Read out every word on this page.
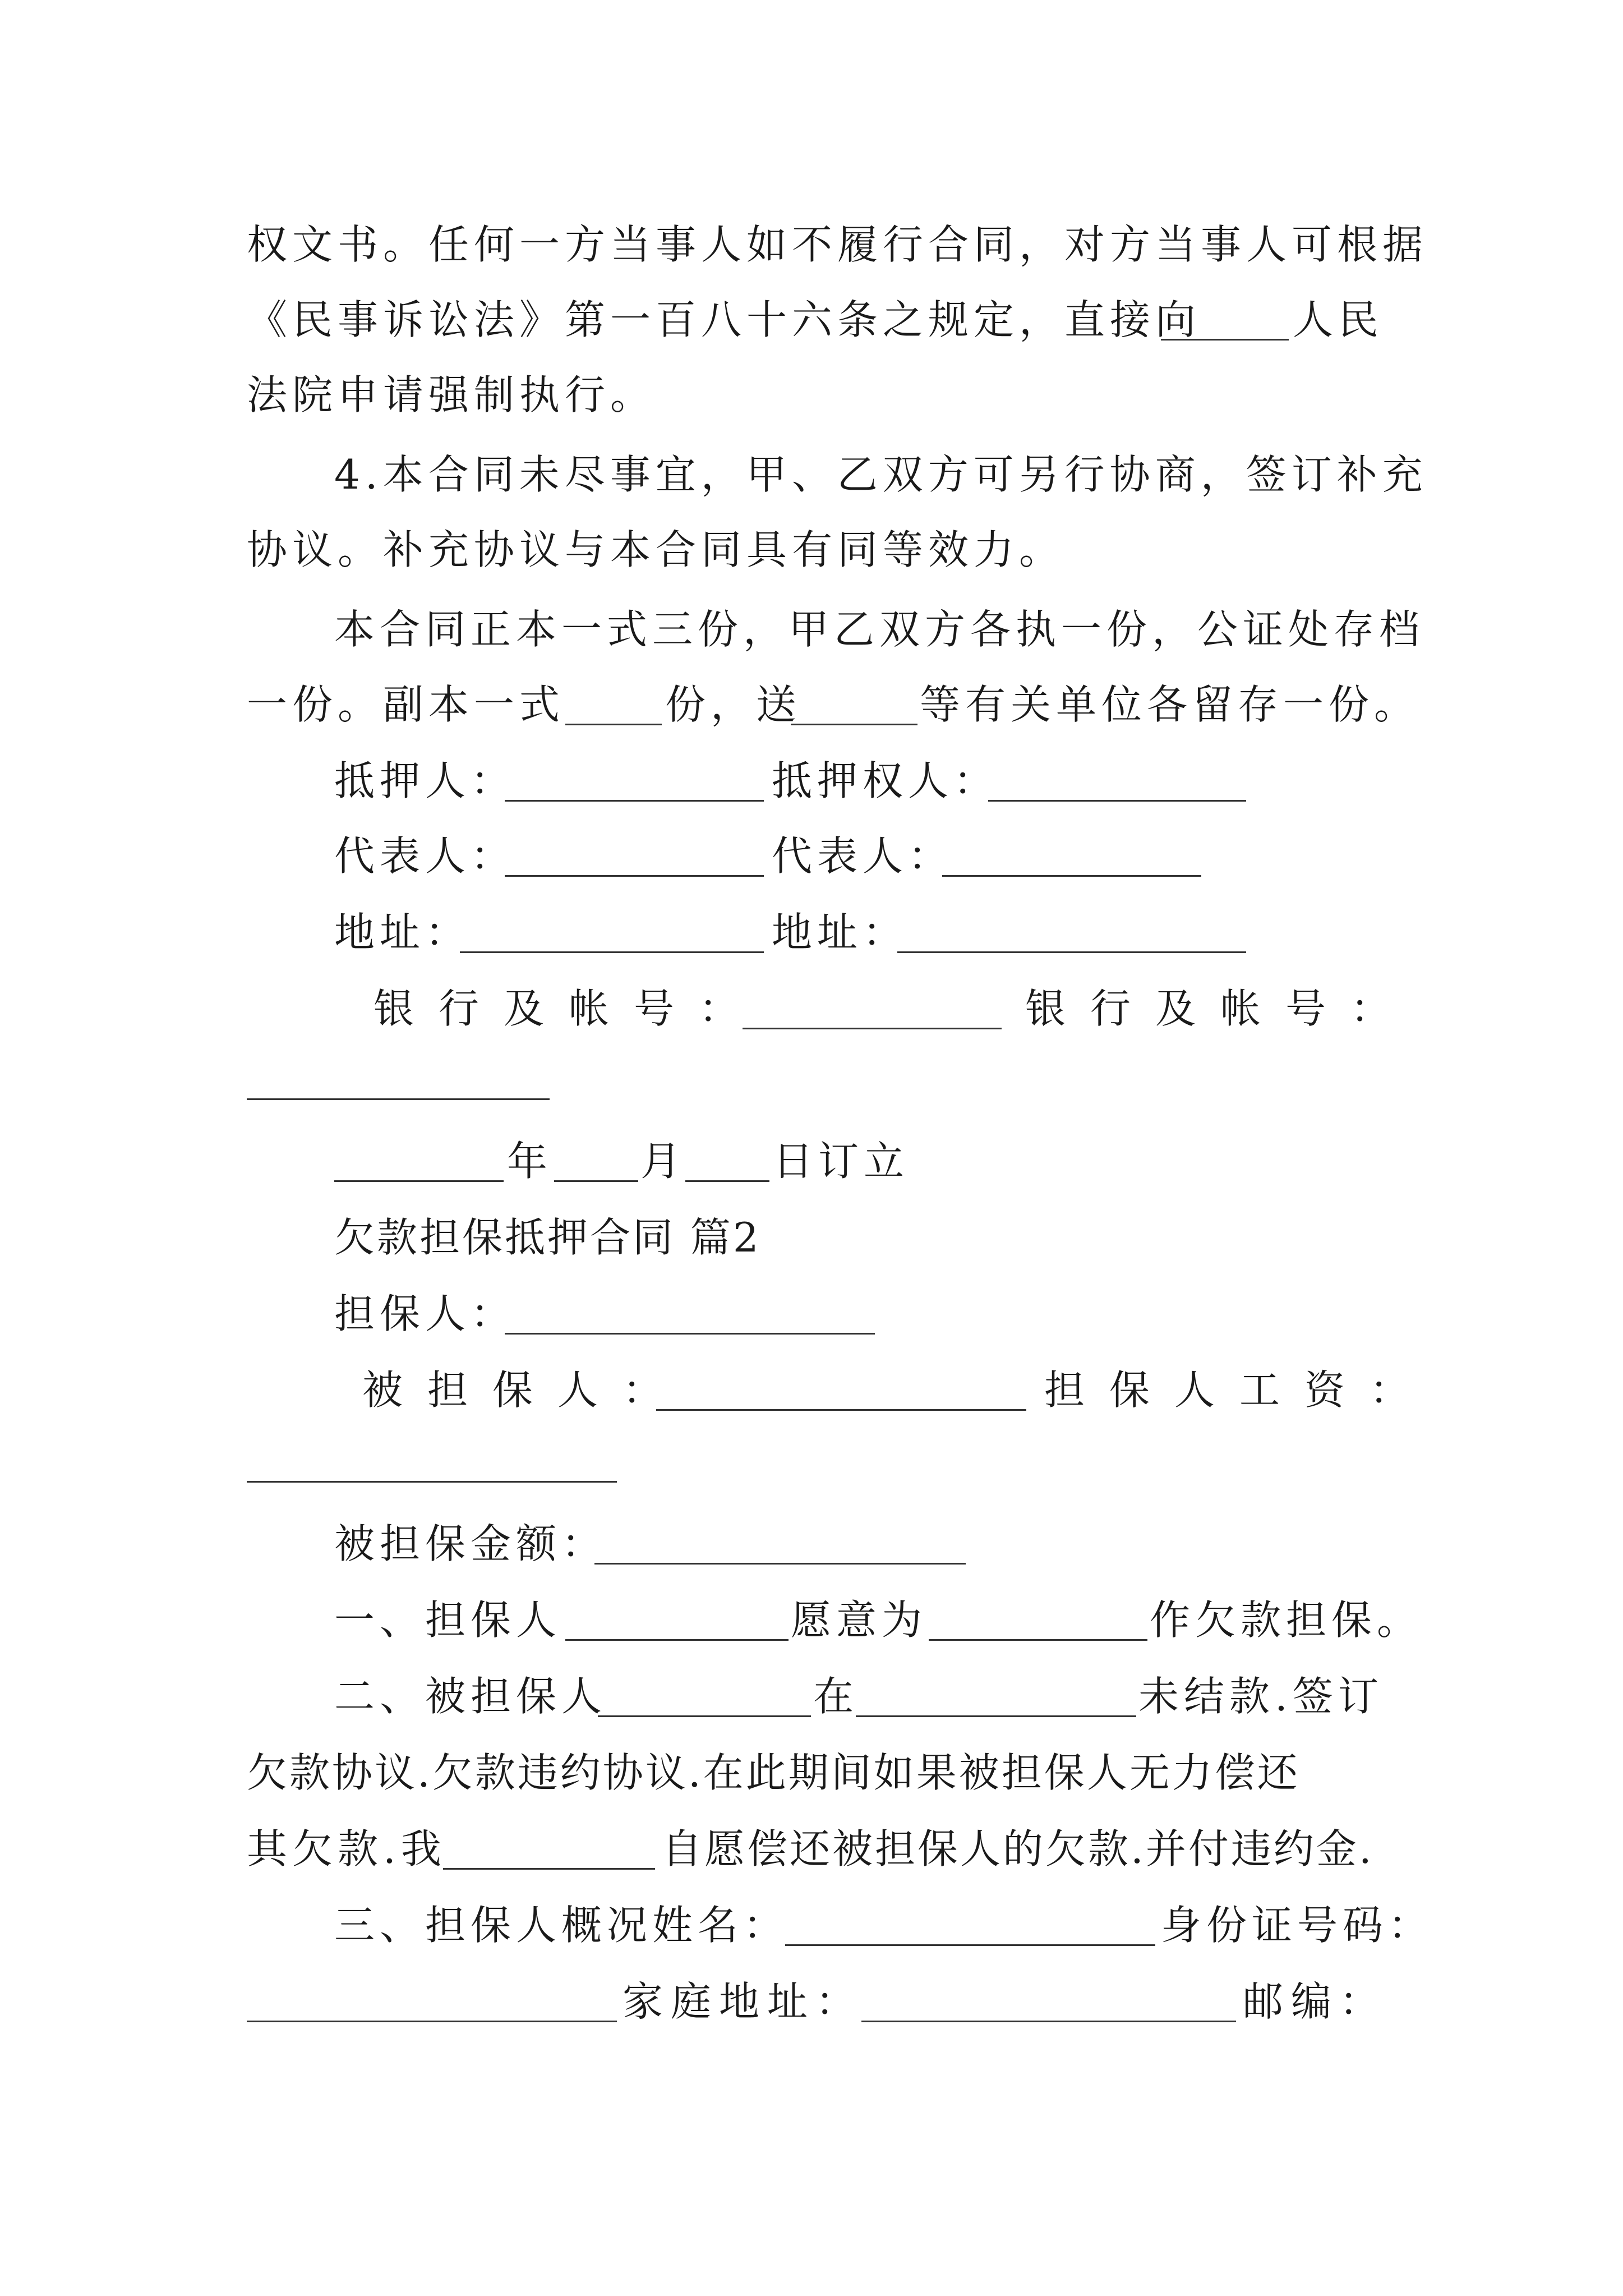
权文书。任何一方当事人如不履行合同，对方当事人可根据
《民事诉讼法》第一百八十六条之规定，直接向 人民
法院申请强制执行。
4.本合同未尽事宜，甲、乙双方可另行协商，签订补充
协议。补充协议与本合同具有同等效力。
本合同正本一式三份，甲乙双方各执一份，公证处存档
一份。副本一式 份，送	等有关单位各留存一份。
抵押人：	抵押权人：
代表人：	代表人：
地址：	地址：
银行及帐号：	银行及帐号：
年 月 日订立
欠款担保抵押合同 篇2
担保人：
被担保人：	担保人工资：
被担保金额：
一、担保人	愿意为	作欠款担保。
二、被担保人	在	未结款.签订
欠款协议.欠款违约协议.在此期间如果被担保人无力偿还
其欠款.我	自愿偿还被担保人的欠款.并付违约金.
三、担保人概况姓名：	身份证号码：
家庭地址：	邮编：
